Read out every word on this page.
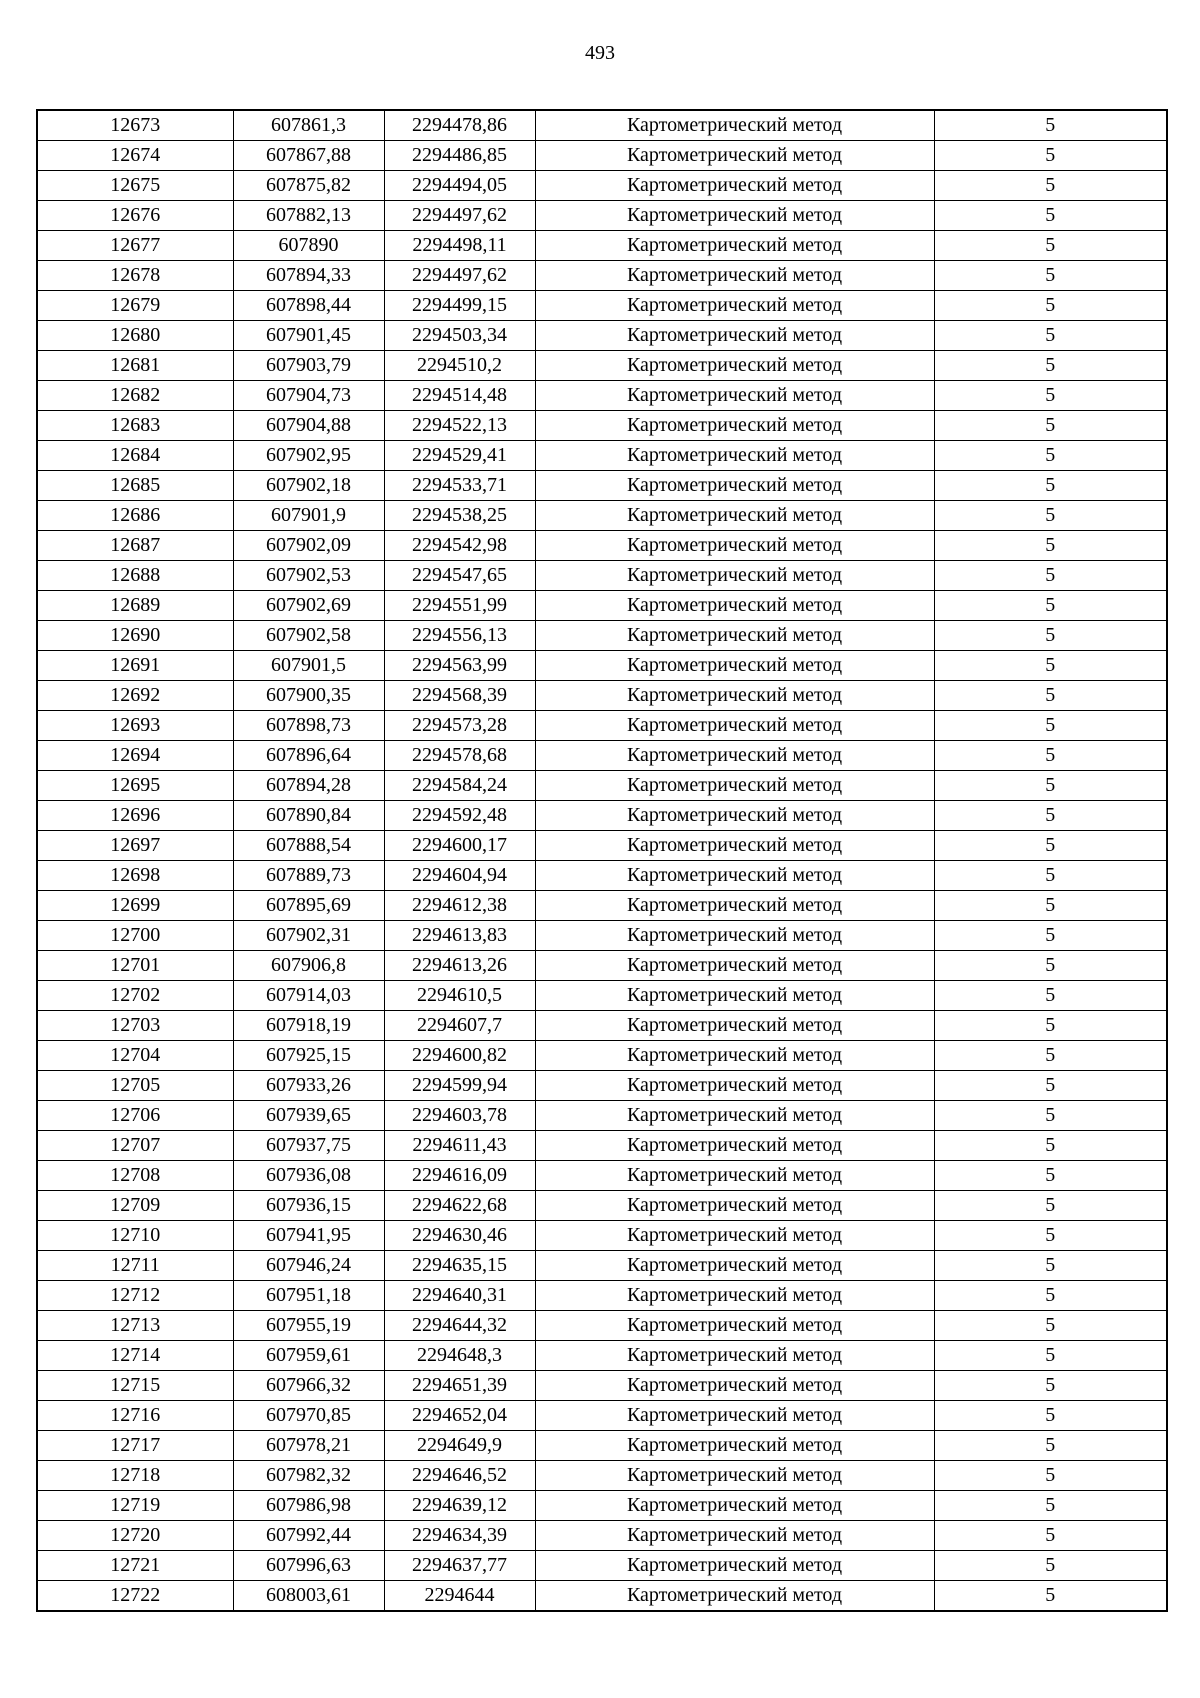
493
12673	607861,3	2294478,86	Картометрический метод	5
12674	607867,88	2294486,85	Картометрический метод	5
12675	607875,82	2294494,05	Картометрический метод	5
12676	607882,13	2294497,62	Картометрический метод	5
12677	607890	2294498,11	Картометрический метод	5
12678	607894,33	2294497,62	Картометрический метод	5
12679	607898,44	2294499,15	Картометрический метод	5
12680	607901,45	2294503,34	Картометрический метод	5
12681	607903,79	2294510,2	Картометрический метод	5
12682	607904,73	2294514,48	Картометрический метод	5
12683	607904,88	2294522,13	Картометрический метод	5
12684	607902,95	2294529,41	Картометрический метод	5
12685	607902,18	2294533,71	Картометрический метод	5
12686	607901,9	2294538,25	Картометрический метод	5
12687	607902,09	2294542,98	Картометрический метод	5
12688	607902,53	2294547,65	Картометрический метод	5
12689	607902,69	2294551,99	Картометрический метод	5
12690	607902,58	2294556,13	Картометрический метод	5
12691	607901,5	2294563,99	Картометрический метод	5
12692	607900,35	2294568,39	Картометрический метод	5
12693	607898,73	2294573,28	Картометрический метод	5
12694	607896,64	2294578,68	Картометрический метод	5
12695	607894,28	2294584,24	Картометрический метод	5
12696	607890,84	2294592,48	Картометрический метод	5
12697	607888,54	2294600,17	Картометрический метод	5
12698	607889,73	2294604,94	Картометрический метод	5
12699	607895,69	2294612,38	Картометрический метод	5
12700	607902,31	2294613,83	Картометрический метод	5
12701	607906,8	2294613,26	Картометрический метод	5
12702	607914,03	2294610,5	Картометрический метод	5
12703	607918,19	2294607,7	Картометрический метод	5
12704	607925,15	2294600,82	Картометрический метод	5
12705	607933,26	2294599,94	Картометрический метод	5
12706	607939,65	2294603,78	Картометрический метод	5
12707	607937,75	2294611,43	Картометрический метод	5
12708	607936,08	2294616,09	Картометрический метод	5
12709	607936,15	2294622,68	Картометрический метод	5
12710	607941,95	2294630,46	Картометрический метод	5
12711	607946,24	2294635,15	Картометрический метод	5
12712	607951,18	2294640,31	Картометрический метод	5
12713	607955,19	2294644,32	Картометрический метод	5
12714	607959,61	2294648,3	Картометрический метод	5
12715	607966,32	2294651,39	Картометрический метод	5
12716	607970,85	2294652,04	Картометрический метод	5
12717	607978,21	2294649,9	Картометрический метод	5
12718	607982,32	2294646,52	Картометрический метод	5
12719	607986,98	2294639,12	Картометрический метод	5
12720	607992,44	2294634,39	Картометрический метод	5
12721	607996,63	2294637,77	Картометрический метод	5
12722	608003,61	2294644	Картометрический метод	5
